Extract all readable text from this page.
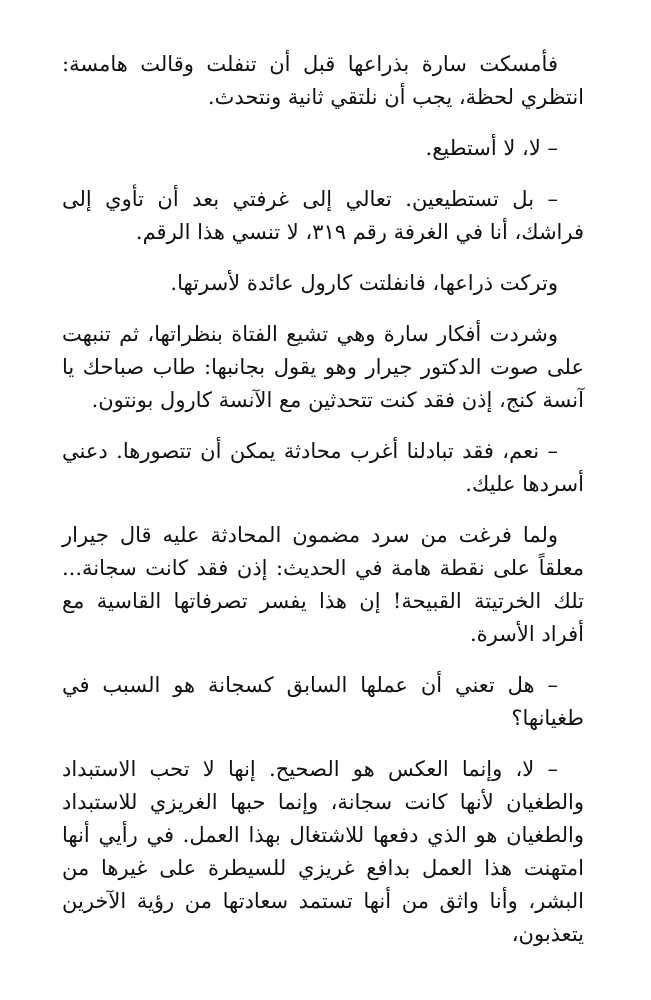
فأمسكت سارة بذراعها قبل أن تنفلت وقالت هامسة: انتظري لحظة، يجب أن نلتقي ثانية ونتحدث.

– لا، لا أستطيع.

– بل تستطيعين. تعالي إلى غرفتي بعد أن تأوي إلى فراشك، أنا في الغرفة رقم ٣١٩، لا تنسي هذا الرقم.

وتركت ذراعها، فانفلتت كارول عائدة لأسرتها.

وشردت أفكار سارة وهي تشيع الفتاة بنظراتها، ثم تنبهت على صوت الدكتور جيرار وهو يقول بجانبها: طاب صباحك يا آنسة كنج، إذن فقد كنت تتحدثين مع الآنسة كارول بونتون.

– نعم، فقد تبادلنا أغرب محادثة يمكن أن تتصورها. دعني أسردها عليك.

ولما فرغت من سرد مضمون المحادثة عليه قال جيرار معلقاً على نقطة هامة في الحديث: إذن فقد كانت سجانة... تلك الخرتيتة القبيحة! إن هذا يفسر تصرفاتها القاسية مع أفراد الأسرة.

– هل تعني أن عملها السابق كسجانة هو السبب في طغيانها؟

– لا، وإنما العكس هو الصحيح. إنها لا تحب الاستبداد والطغيان لأنها كانت سجانة، وإنما حبها الغريزي للاستبداد والطغيان هو الذي دفعها للاشتغال بهذا العمل. في رأيي أنها امتهنت هذا العمل بدافع غريزي للسيطرة على غيرها من البشر، وأنا واثق من أنها تستمد سعادتها من رؤية الآخرين يتعذبون،
